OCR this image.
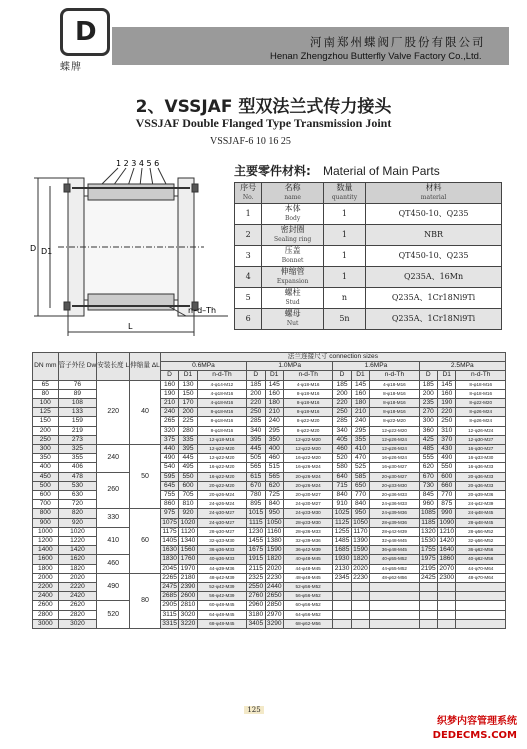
D
蝶牌
河南郑州蝶阀厂股份有限公司
Henan Zhengzhou Butterfly Valve Factory Co.,Ltd.
2、VSSJAF 型双法兰式传力接头
VSSJAF Double Flanged Type Transmission Joint
VSSJAF-6 10 16 25
1 2 3 4 5 6
D D1
L
n–d–Th
主要零件材料: Material of Main Parts
序号
No.	名称
name	数量
quantity	材料
material

1	本体
Body	1	QT450-10、Q235
2	密封圈
Sealing ring	1	NBR
3	压盖
Bonnet	1	QT450-10、Q235
4	伸缩管
Expansion	1	Q235A、16Mn
5	螺柱
Stud	n	Q235A、1Cr18Ni9Ti
6	螺母
Nut	5n	Q235A、1Cr18Ni9Ti
DN mm	管子外径 Dw	安装长度 L	伸缩量 ΔL	法兰连接尺寸 connection sizes											
				0.6MPa			1.0MPa			1.6MPa			2.5MPa		
				D	D1	n-d-Th	D	D1	n-d-Th	D	D1	n-d-Th	D	D1	n-d-Th
65	76	220	40	160	130	4-φ14-M12	185	145	4-φ18-M16	185	145	4-φ18-M16	185	145	8-φ18-M16
80	89			190	150	4-φ18-M16	200	160	8-φ18-M16	200	160	8-φ18-M16	200	160	8-φ18-M16
100	108			210	170	4-φ18-M16	220	180	8-φ18-M16	220	180	8-φ18-M16	235	190	8-φ22-M20
125	133			240	200	8-φ18-M16	250	210	8-φ18-M16	250	210	8-φ18-M16	270	220	8-φ26-M24
150	159			265	225	8-φ18-M16	285	240	8-φ22-M20	285	240	8-φ22-M20	300	250	8-φ26-M24
200	219			320	280	8-φ18-M16	340	295	8-φ22-M20	340	295	12-φ22-M20	360	310	12-φ26-M24
250	273			375	335	12-φ18-M16	395	350	12-φ22-M20	405	355	12-φ26-M24	425	370	12-φ30-M27
300	325	240	50	440	395	12-φ22-M20	445	400	12-φ22-M20	460	410	12-φ26-M24	485	430	16-φ30-M27
350	355			490	445	12-φ22-M20	505	460	16-φ22-M20	520	470	16-φ26-M24	555	490	16-φ33-M30
400	406			540	495	16-φ22-M20	565	515	16-φ26-M24	580	525	16-φ30-M27	620	550	16-φ36-M33
450	478	260		595	550	16-φ22-M20	615	565	20-φ26-M24	640	585	20-φ30-M27	670	600	20-φ36-M33
500	530			645	600	20-φ22-M20	670	620	20-φ26-M24	715	650	20-φ33-M30	730	660	20-φ36-M33
600	630			755	705	20-φ26-M24	780	725	20-φ30-M27	840	770	20-φ36-M33	845	770	20-φ39-M36
700	720			860	810	24-φ26-M24	895	840	24-φ30-M27	910	840	24-φ36-M33	960	875	24-φ42-M39
800	820	330	60	975	920	24-φ30-M27	1015	950	24-φ33-M30	1025	950	24-φ39-M36	1085	990	24-φ48-M45
900	920			1075	1020	24-φ30-M27	1115	1050	28-φ33-M30	1125	1050	28-φ39-M36	1185	1090	28-φ48-M45
1000	1020	410		1175	1120	28-φ30-M27	1230	1160	28-φ36-M33	1255	1170	28-φ42-M39	1320	1210	28-φ56-M52
1200	1220			1405	1340	32-φ33-M30	1455	1380	32-φ39-M36	1485	1390	32-φ48-M45	1530	1420	32-φ56-M52
1400	1420			1630	1560	36-φ36-M33	1675	1590	36-φ42-M39	1685	1590	36-φ48-M45	1755	1640	36-φ62-M56
1600	1620	460		1830	1760	40-φ36-M33	1915	1820	40-φ48-M45	1930	1820	40-φ55-M52	1975	1860	40-φ62-M56
1800	1820			2045	1970	44-φ39-M36	2115	2020	44-φ48-M45	2130	2020	44-φ55-M52	2195	2070	44-φ70-M64
2000	2020	490	80	2265	2180	48-φ42-M39	2325	2230	48-φ48-M45	2345	2230	48-φ62-M56	2425	2300	48-φ70-M64
2200	2220			2475	2390	52-φ42-M39	2550	2440	52-φ56-M52						
2400	2420			2685	2600	56-φ42-M39	2760	2650	56-φ56-M52						
2600	2620	520		2905	2810	60-φ48-M45	2960	2850	60-φ56-M52						
2800	2820			3115	3020	64-φ48-M45	3180	2970	64-φ56-M52						
3000	3020			3315	3220	68-φ48-M45	3405	3290	68-φ62-M56						
125
织梦内容管理系统 DEDECMS.COM
